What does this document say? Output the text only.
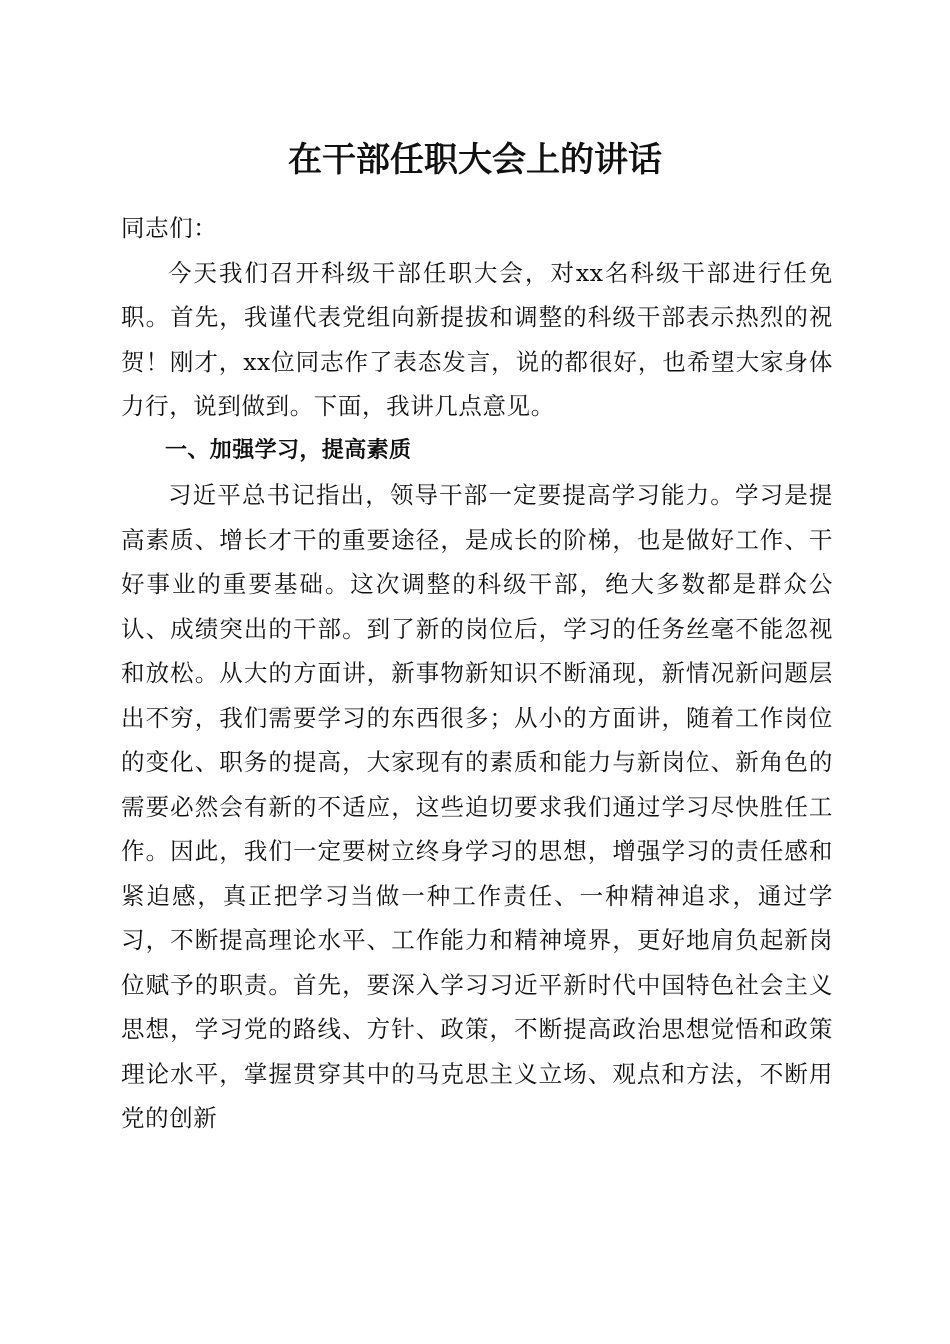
在干部任职大会上的讲话

同志们：

今天我们召开科级干部任职大会，对xx名科级干部进行任免职。首先，我谨代表党组向新提拔和调整的科级干部表示热烈的祝贺！刚才，xx位同志作了表态发言，说的都很好，也希望大家身体力行，说到做到。下面，我讲几点意见。

一、加强学习，提高素质

习近平总书记指出，领导干部一定要提高学习能力。学习是提高素质、增长才干的重要途径，是成长的阶梯，也是做好工作、干好事业的重要基础。这次调整的科级干部，绝大多数都是群众公认、成绩突出的干部。到了新的岗位后，学习的任务丝毫不能忽视和放松。从大的方面讲，新事物新知识不断涌现，新情况新问题层出不穷，我们需要学习的东西很多；从小的方面讲，随着工作岗位的变化、职务的提高，大家现有的素质和能力与新岗位、新角色的需要必然会有新的不适应，这些迫切要求我们通过学习尽快胜任工作。因此，我们一定要树立终身学习的思想，增强学习的责任感和紧迫感，真正把学习当做一种工作责任、一种精神追求，通过学习，不断提高理论水平、工作能力和精神境界，更好地肩负起新岗位赋予的职责。首先，要深入学习习近平新时代中国特色社会主义思想，学习党的路线、方针、政策，不断提高政治思想觉悟和政策理论水平，掌握贯穿其中的马克思主义立场、观点和方法，不断用党的创新
